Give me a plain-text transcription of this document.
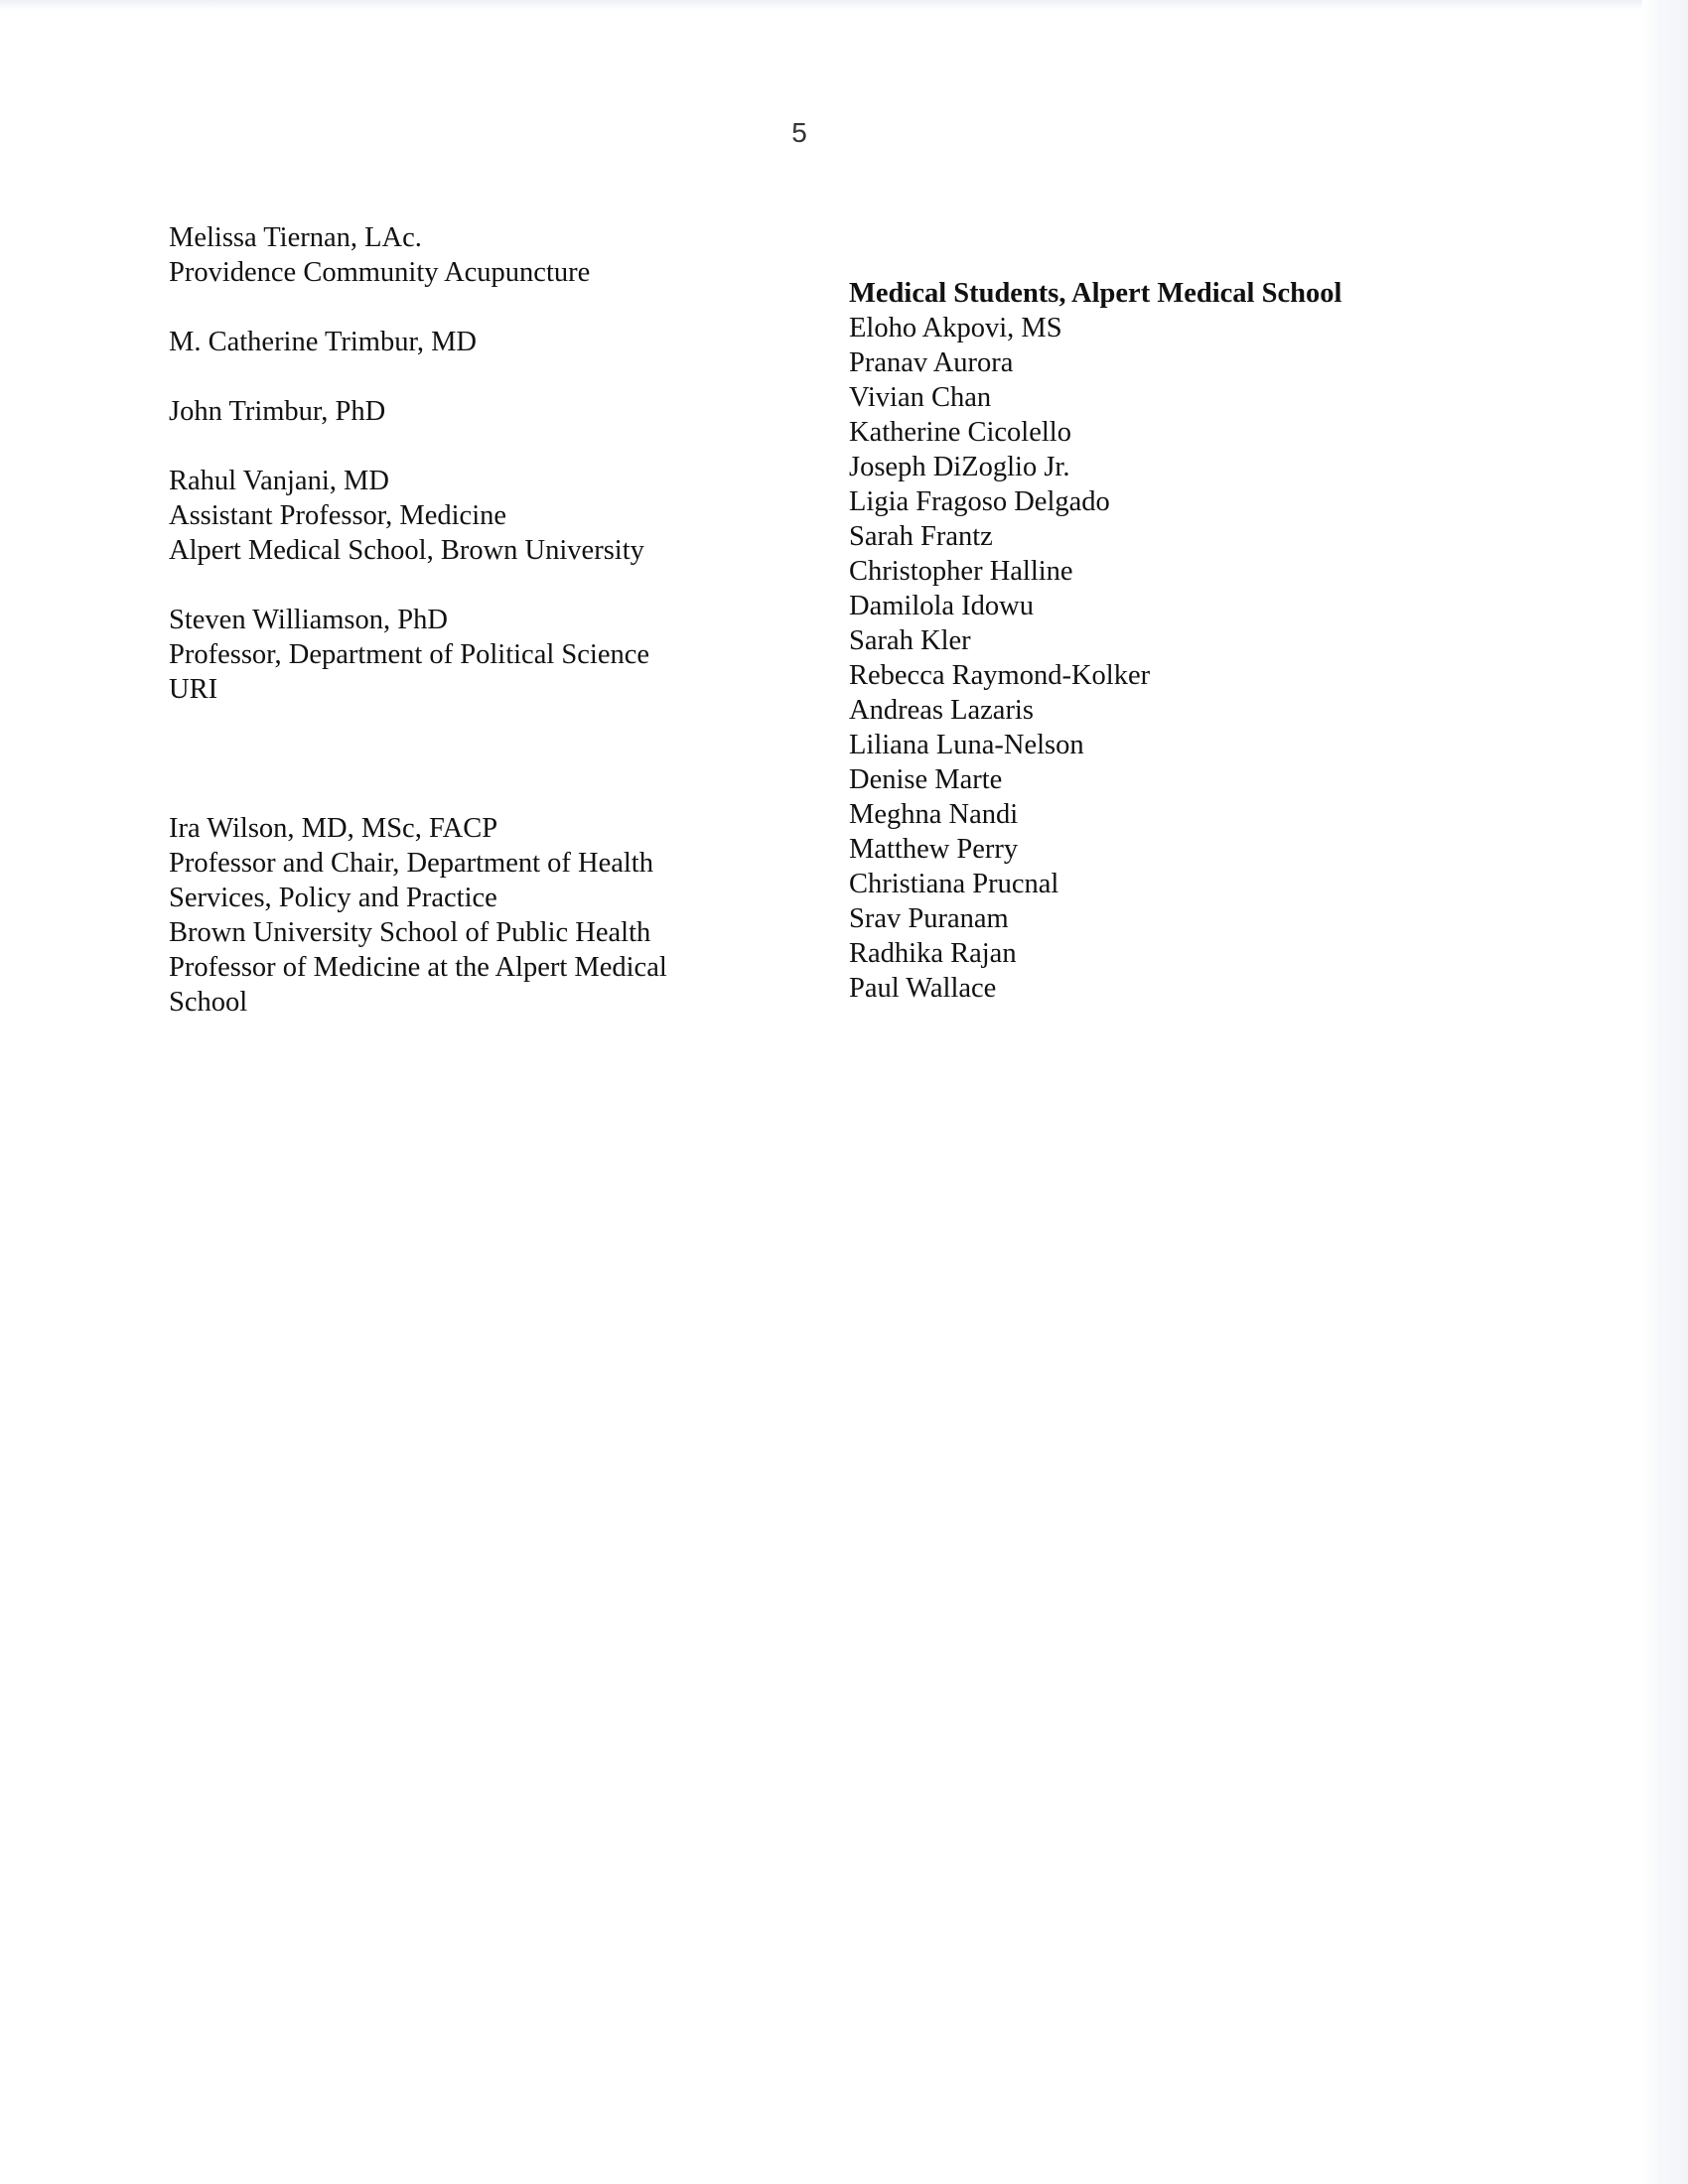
5
Melissa Tiernan, LAc.
Providence Community Acupuncture
M. Catherine Trimbur, MD
John Trimbur, PhD
Rahul Vanjani, MD
Assistant Professor, Medicine
Alpert Medical School, Brown University
Steven Williamson, PhD
Professor, Department of Political Science
URI
Ira Wilson, MD, MSc, FACP
Professor and Chair, Department of Health
Services, Policy and Practice
Brown University School of Public Health
Professor of Medicine at the Alpert Medical
School
Medical Students, Alpert Medical School
Eloho Akpovi, MS
Pranav Aurora
Vivian Chan
Katherine Cicolello
Joseph DiZoglio Jr.
Ligia Fragoso Delgado
Sarah Frantz
Christopher Halline
Damilola Idowu
Sarah Kler
Rebecca Raymond-Kolker
Andreas Lazaris
Liliana Luna-Nelson
Denise Marte
Meghna Nandi
Matthew Perry
Christiana Prucnal
Srav Puranam
Radhika Rajan
Paul Wallace
